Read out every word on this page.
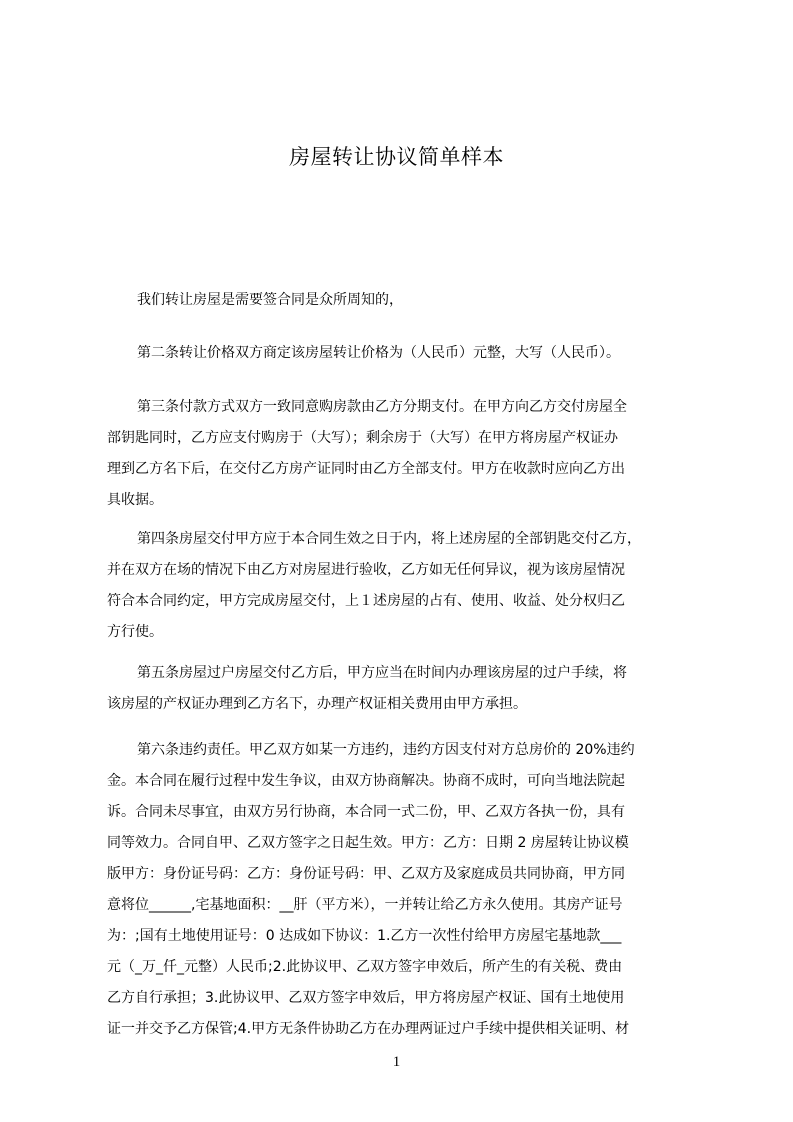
房屋转让协议简单样本
我们转让房屋是需要签合同是众所周知的，
第二条转让价格双方商定该房屋转让价格为（人民币）元整，大写（人民币）。
第三条付款方式双方一致同意购房款由乙方分期支付。在甲方向乙方交付房屋全
部钥匙同时，乙方应支付购房于（大写）；剩余房于（大写）在甲方将房屋产权证办
理到乙方名下后，在交付乙方房产证同时由乙方全部支付。甲方在收款时应向乙方出
具收据。
第四条房屋交付甲方应于本合同生效之日于内，将上述房屋的全部钥匙交付乙方，
并在双方在场的情况下由乙方对房屋进行验收，乙方如无任何异议，视为该房屋情况
符合本合同约定，甲方完成房屋交付，上１述房屋的占有、使用、收益、处分权归乙
方行使。
第五条房屋过户房屋交付乙方后，甲方应当在时间内办理该房屋的过户手续，将
该房屋的产权证办理到乙方名下，办理产权证相关费用由甲方承担。
第六条违约责任。甲乙双方如某一方违约，违约方因支付对方总房价的 20%违约
金。本合同在履行过程中发生争议，由双方协商解决。协商不成时，可向当地法院起
诉。合同未尽事宜，由双方另行协商，本合同一式二份，甲、乙双方各执一份，具有
同等效力。合同自甲、乙双方签字之日起生效。甲方：乙方：日期 2 房屋转让协议模
版甲方：身份证号码：乙方：身份证号码：甲、乙双方及家庭成员共同协商，甲方同
意将位______,宅基地面积：__肝（平方米），一并转让给乙方永久使用。其房产证号
为：;国有土地使用证号：0 达成如下协议：1.乙方一次性付给甲方房屋宅基地款___
元（_万_仟_元整）人民币;2.此协议甲、乙双方签字申效后，所产生的有关税、费由
乙方自行承担；3.此协议甲、乙双方签字申效后，甲方将房屋产权证、国有土地使用
证一并交予乙方保管;4.甲方无条件协助乙方在办理两证过户手续中提供相关证明、材
1
